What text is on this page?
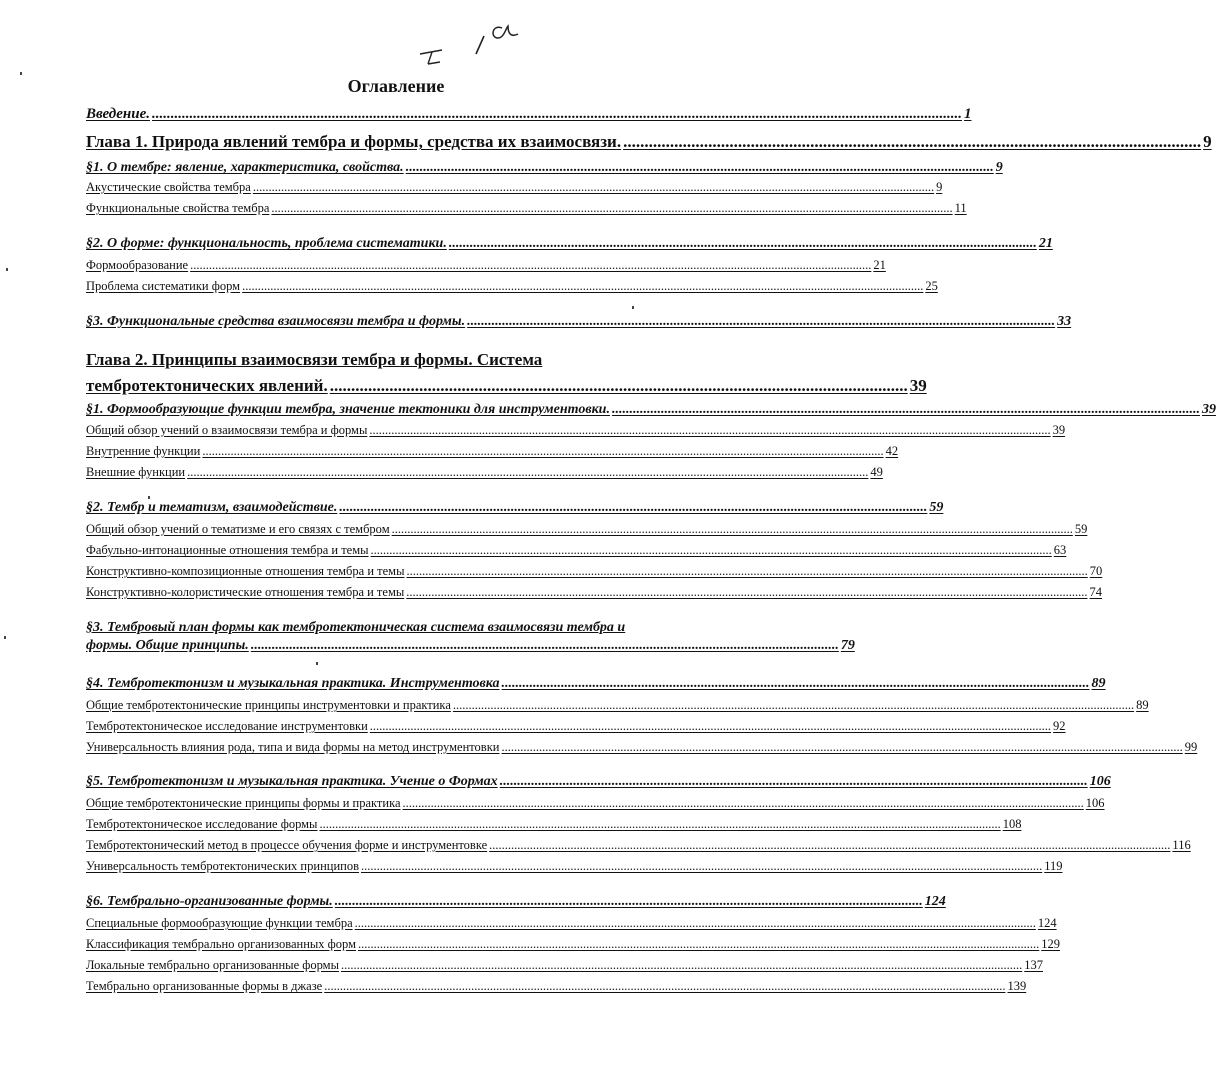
Оглавление
Введение. ........................................................................................................................................................................................................................ 1
Глава 1. Природа явлений тембра и формы, средства их взаимосвязи. ........................................................................................................................................ 9
§1. О тембре: явление, характеристика, свойства. ........................................................................................................................................................................ 9
Акустические свойства тембра .......................................................................................................................................................................................................................... 9
Функциональные свойства тембра .......................................................................................................................................................................................................................... 11
§2. О форме: функциональность, проблема систематики. ........................................................................................................................................................................ 21
Формообразование .......................................................................................................................................................................................................................... 21
Проблема систематики форм .......................................................................................................................................................................................................................... 25
§3. Функциональные средства взаимосвязи тембра и формы. ........................................................................................................................................................................ 33
Глава 2. Принципы взаимосвязи тембра и формы. Система
тембротектонических явлений. ........................................................................................................................................ 39
§1. Формообразующие функции тембра, значение тектоники для инструментовки. ........................................................................................................................................................................ 39
Общий обзор учений о взаимосвязи тембра и формы .......................................................................................................................................................................................................................... 39
Внутренние функции .......................................................................................................................................................................................................................... 42
Внешние функции .......................................................................................................................................................................................................................... 49
§2. Тембр и тематизм, взаимодействие. ........................................................................................................................................................................ 59
Общий обзор учений о тематизме и его связях с тембром .......................................................................................................................................................................................................................... 59
Фабульно-интонационные отношения тембра и темы .......................................................................................................................................................................................................................... 63
Конструктивно-композиционные отношения тембра и темы .......................................................................................................................................................................................................................... 70
Конструктивно-колористические отношения тембра и темы .......................................................................................................................................................................................................................... 74
§3. Тембровый план формы как тембротектоническая система взаимосвязи тембра и
формы. Общие принципы. ........................................................................................................................................................................ 79
§4. Тембротектонизм и музыкальная практика. Инструментовка ........................................................................................................................................................................ 89
Общие тембротектонические принципы инструментовки и практика .......................................................................................................................................................................................................................... 89
Тембротектоническое исследование инструментовки .......................................................................................................................................................................................................................... 92
Универсальность влияния рода, типа и вида формы на метод инструментовки .......................................................................................................................................................................................................................... 99
§5. Тембротектонизм и музыкальная практика. Учение о Формах ........................................................................................................................................................................ 106
Общие тембротектонические принципы формы и практика .......................................................................................................................................................................................................................... 106
Тембротектоническое исследование формы .......................................................................................................................................................................................................................... 108
Тембротектонический метод в процессе обучения форме и инструментовке .......................................................................................................................................................................................................................... 116
Универсальность тембротектонических принципов .......................................................................................................................................................................................................................... 119
§6. Тембрально-организованные формы. ........................................................................................................................................................................ 124
Специальные формообразующие функции тембра .......................................................................................................................................................................................................................... 124
Классификация тембрально организованных форм .......................................................................................................................................................................................................................... 129
Локальные тембрально организованные формы .......................................................................................................................................................................................................................... 137
Тембрально организованные формы в джазе .......................................................................................................................................................................................................................... 139
